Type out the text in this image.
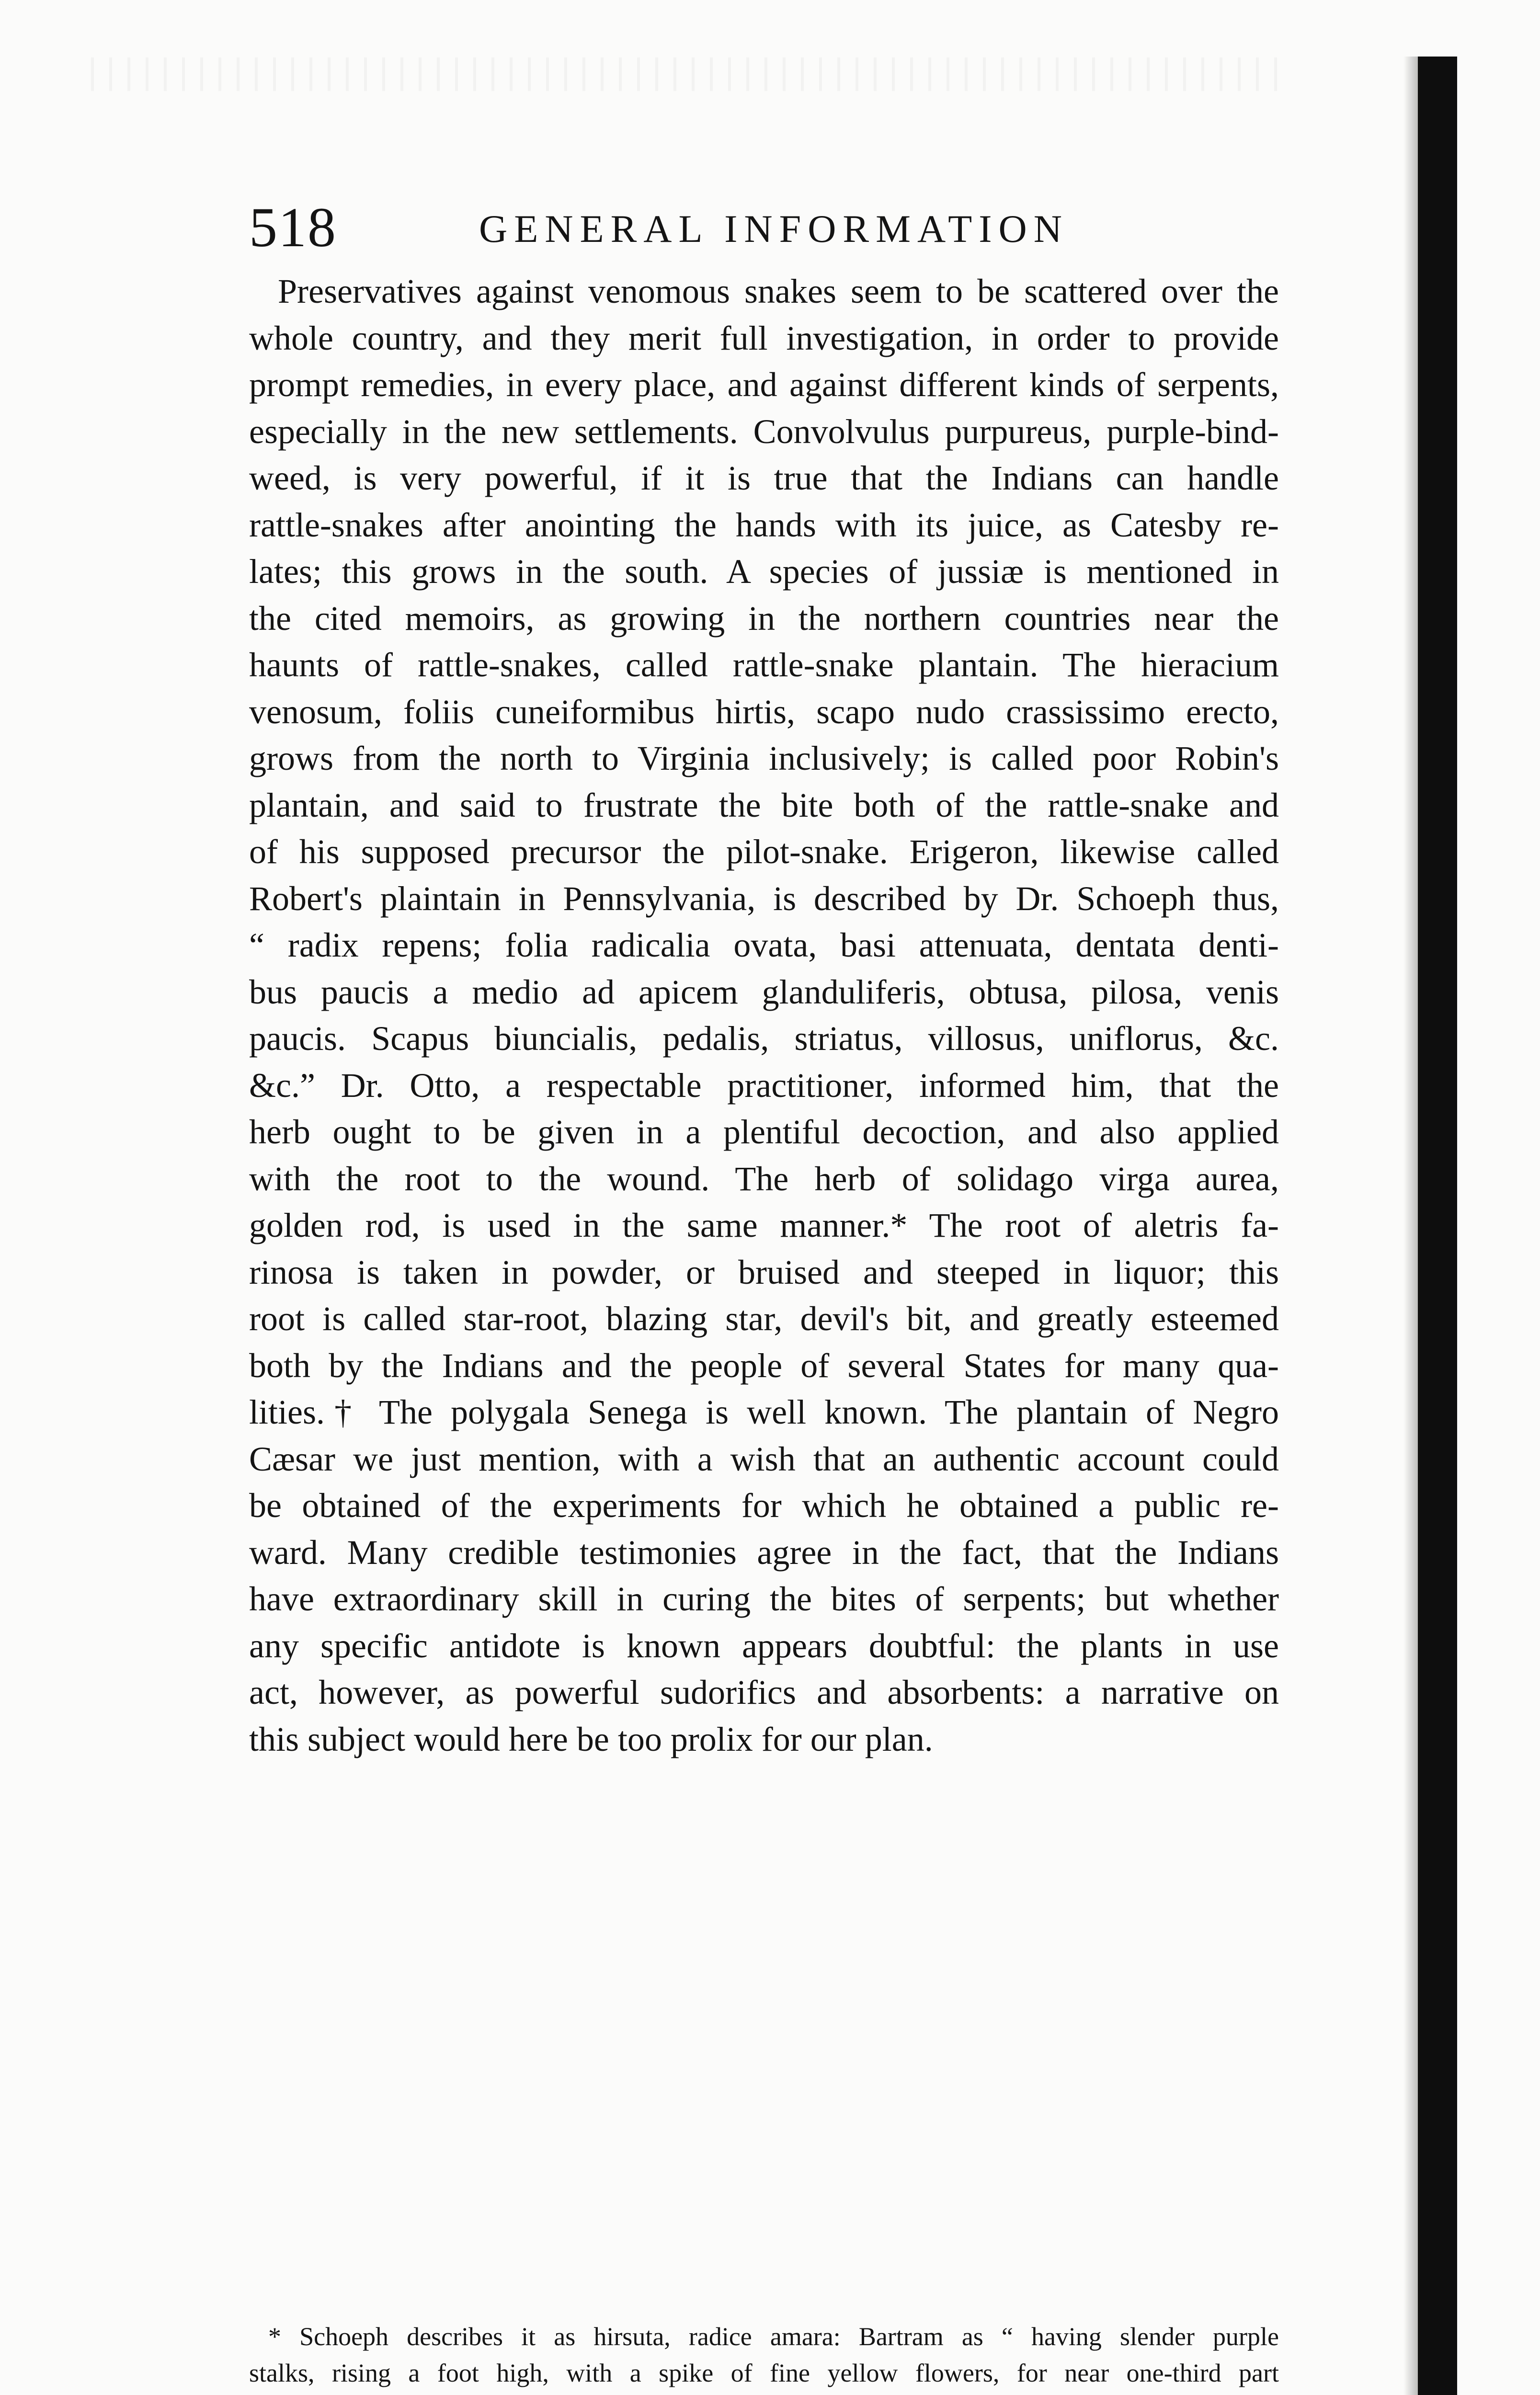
518	GENERAL INFORMATION
Preservatives against venomous snakes seem to be scattered over the
whole country, and they merit full investigation, in order to provide
prompt remedies, in every place, and against different kinds of serpents,
especially in the new settlements. Convolvulus purpureus, purple-bind-
weed, is very powerful, if it is true that the Indians can handle
rattle-snakes after anointing the hands with its juice, as Catesby re-
lates; this grows in the south. A species of jussiæ is mentioned in
the cited memoirs, as growing in the northern countries near the
haunts of rattle-snakes, called rattle-snake plantain. The hieracium
venosum, foliis cuneiformibus hirtis, scapo nudo crassissimo erecto,
grows from the north to Virginia inclusively; is called poor Robin's
plantain, and said to frustrate the bite both of the rattle-snake and
of his supposed precursor the pilot-snake. Erigeron, likewise called
Robert's plaintain in Pennsylvania, is described by Dr. Schoeph thus,
“ radix repens; folia radicalia ovata, basi attenuata, dentata denti-
bus paucis a medio ad apicem glanduliferis, obtusa, pilosa, venis
paucis. Scapus biuncialis, pedalis, striatus, villosus, uniflorus, &c.
&c.” Dr. Otto, a respectable practitioner, informed him, that the
herb ought to be given in a plentiful decoction, and also applied
with the root to the wound. The herb of solidago virga aurea,
golden rod, is used in the same manner.* The root of aletris fa-
rinosa is taken in powder, or bruised and steeped in liquor; this
root is called star-root, blazing star, devil's bit, and greatly esteemed
both by the Indians and the people of several States for many qua-
lities.† The polygala Senega is well known. The plantain of Negro
Cæsar we just mention, with a wish that an authentic account could
be obtained of the experiments for which he obtained a public re-
ward. Many credible testimonies agree in the fact, that the Indians
have extraordinary skill in curing the bites of serpents; but whether
any specific antidote is known appears doubtful: the plants in use
act, however, as powerful sudorifics and absorbents: a narrative on
this subject would here be too prolix for our plan.
* Schoeph describes it as hirsuta, radice amara: Bartram as “ having slender purple
stalks, rising a foot high, with a spike of fine yellow flowers, for near one-third part
